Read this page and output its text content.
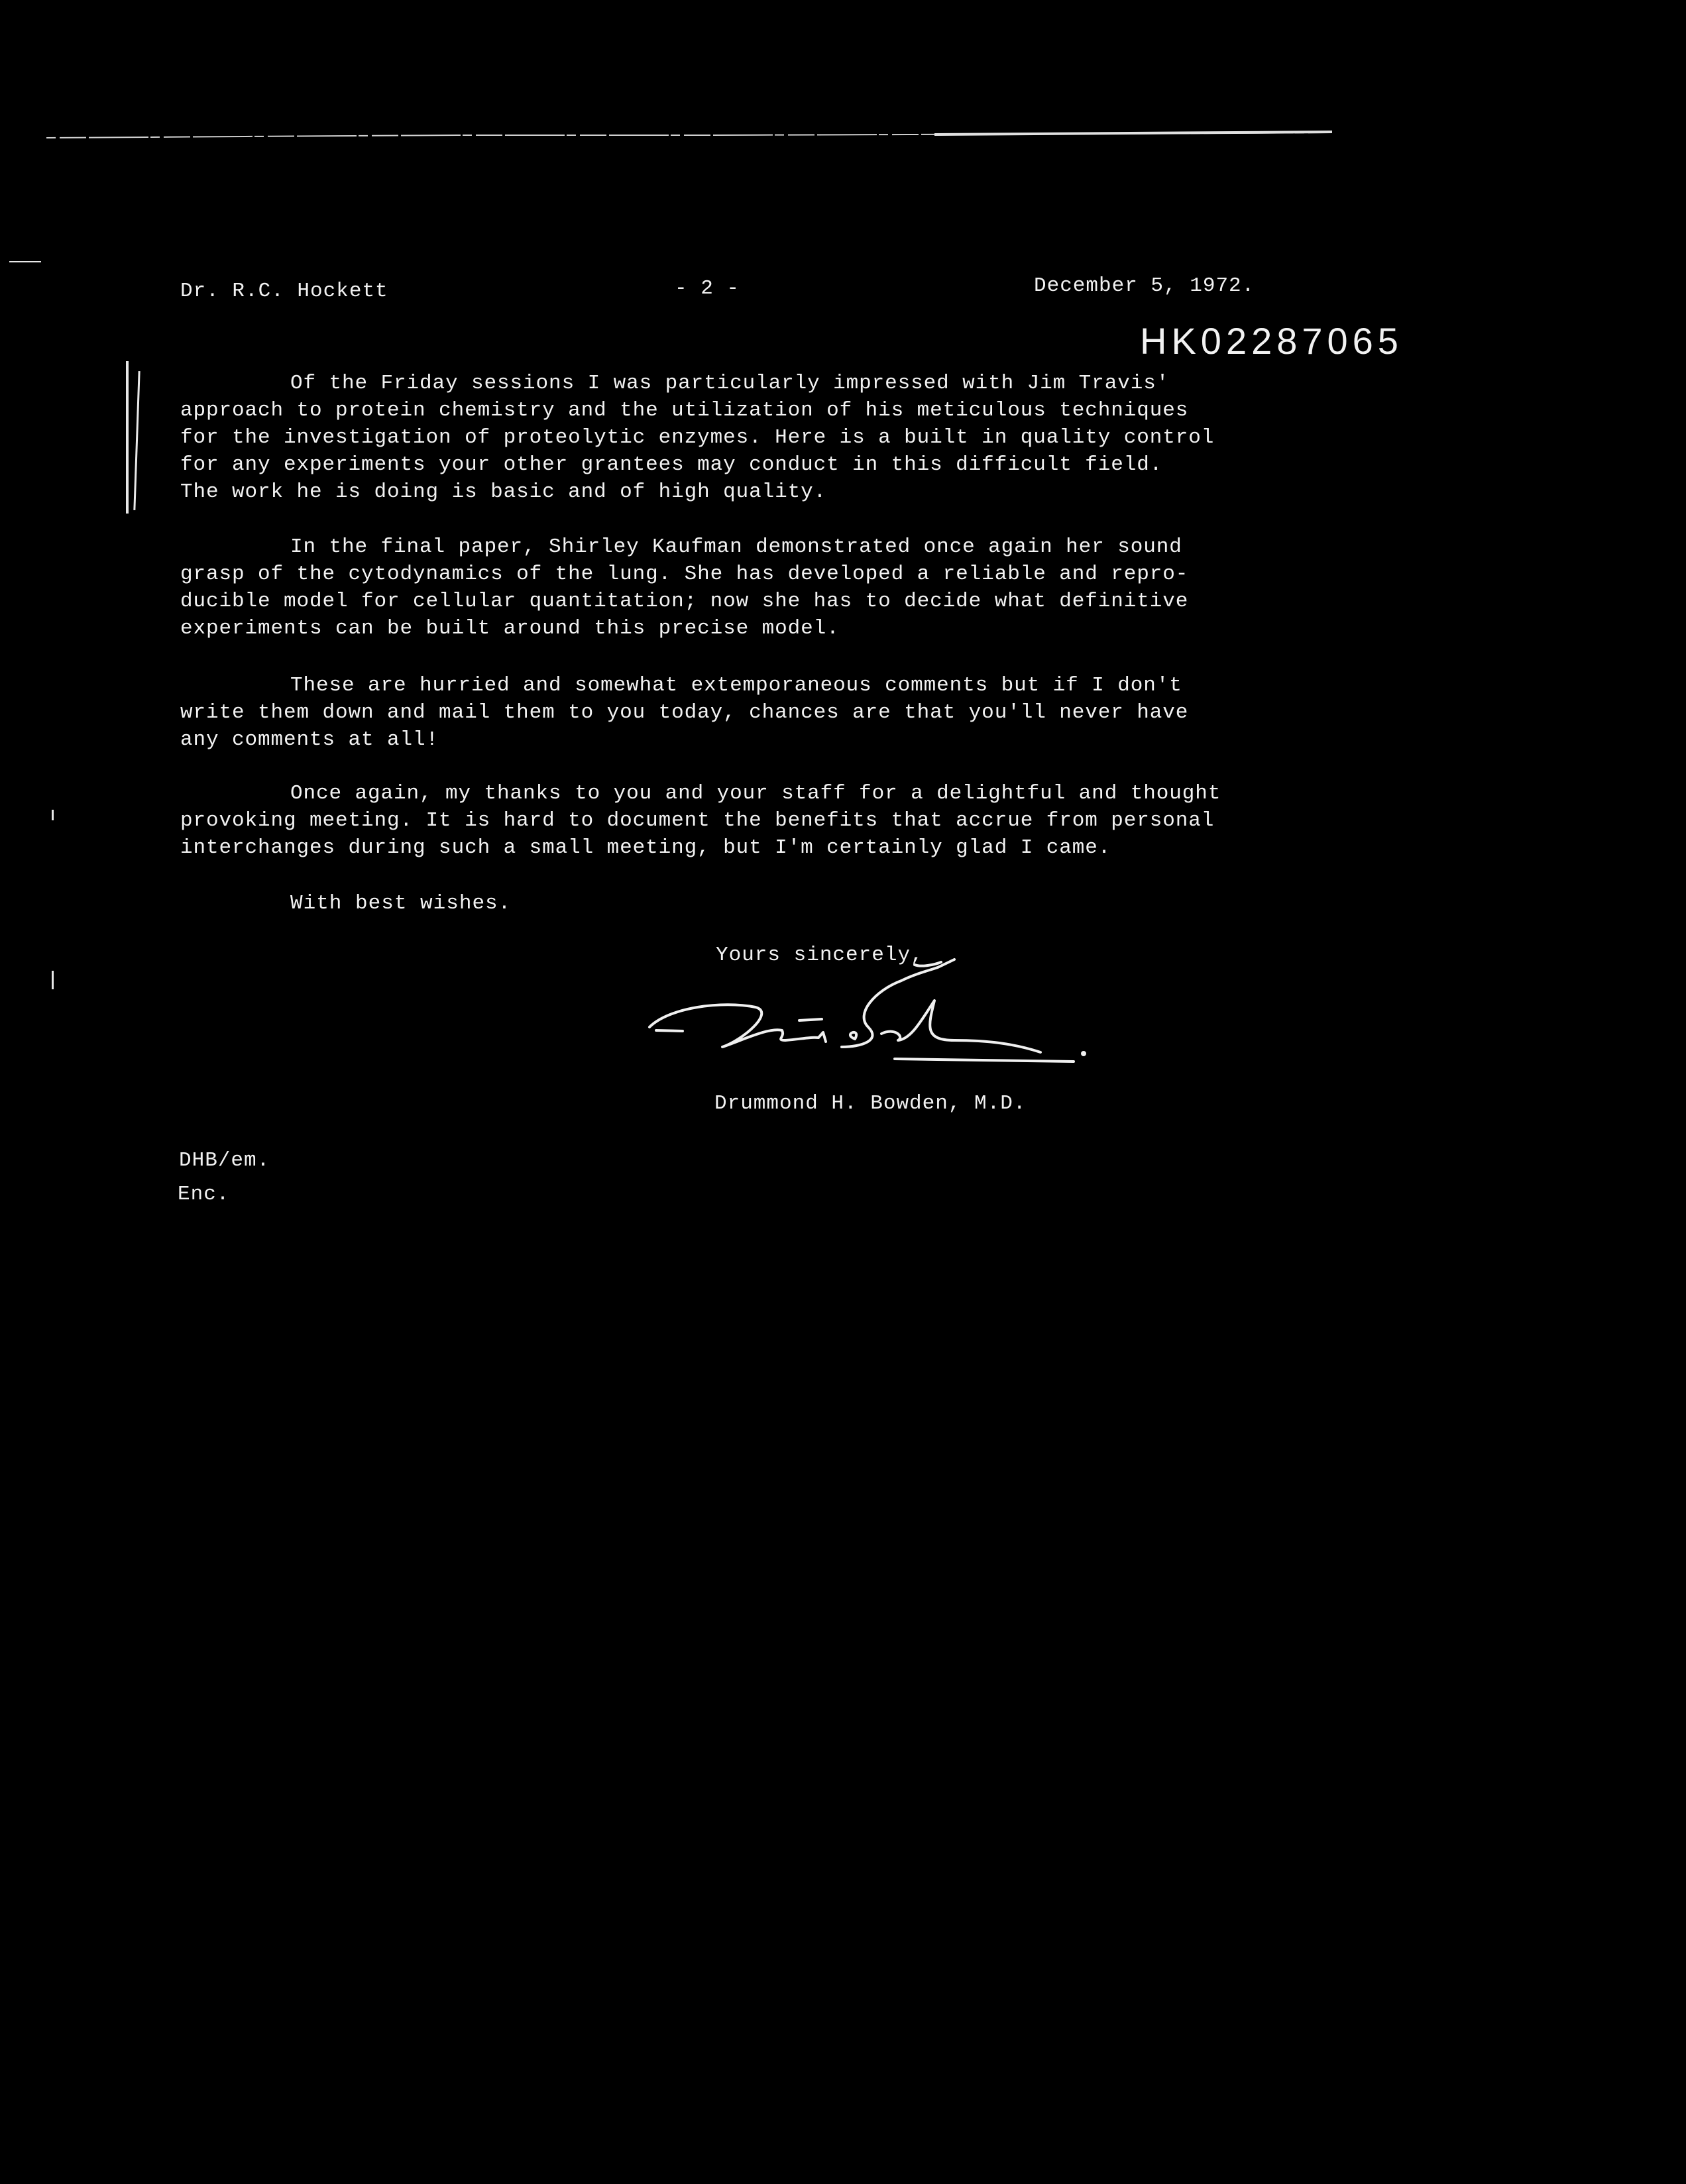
Dr. R.C. Hockett	- 2 -	December 5, 1972.
HK02287065
Of the Friday sessions I was particularly impressed with Jim Travis'
approach to protein chemistry and the utilization of his meticulous techniques
for the investigation of proteolytic enzymes. Here is a built in quality control
for any experiments your other grantees may conduct in this difficult field.
The work he is doing is basic and of high quality.
In the final paper, Shirley Kaufman demonstrated once again her sound
grasp of the cytodynamics of the lung. She has developed a reliable and repro-
ducible model for cellular quantitation; now she has to decide what definitive
experiments can be built around this precise model.
These are hurried and somewhat extemporaneous comments but if I don't
write them down and mail them to you today, chances are that you'll never have
any comments at all!
Once again, my thanks to you and your staff for a delightful and thought
provoking meeting. It is hard to document the benefits that accrue from personal
interchanges during such a small meeting, but I'm certainly glad I came.
With best wishes.
Yours sincerely,
Drummond H. Bowden, M.D.
DHB/em.
Enc.
